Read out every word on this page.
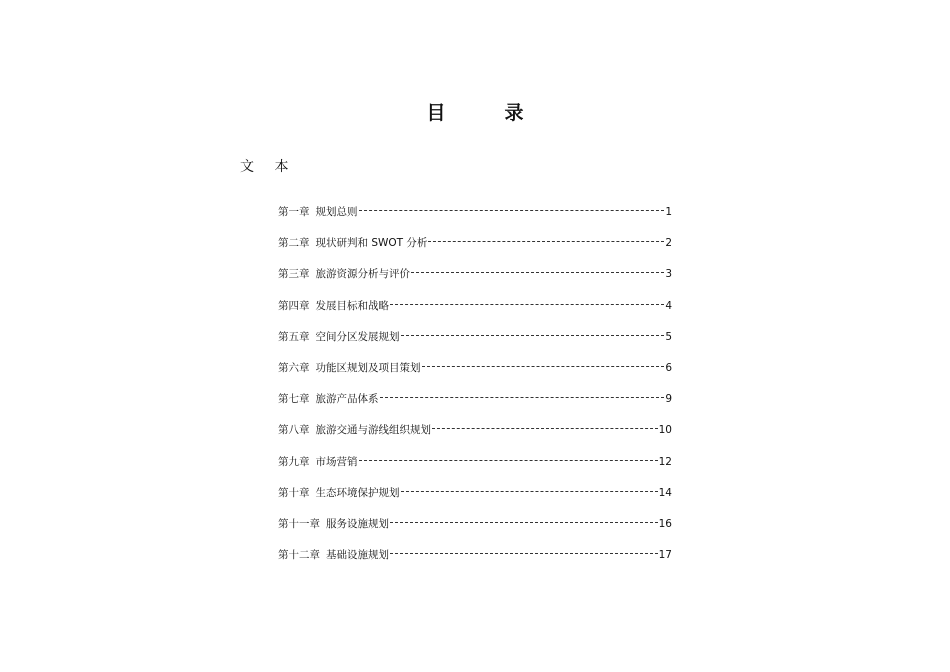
目　录
文 本
第一章 规划总则	1
第二章 现状研判和 SWOT 分析	2
第三章 旅游资源分析与评价	3
第四章 发展目标和战略	4
第五章 空间分区发展规划	5
第六章 功能区规划及项目策划	6
第七章 旅游产品体系	9
第八章 旅游交通与游线组织规划	10
第九章 市场营销	12
第十章 生态环境保护规划	14
第十一章 服务设施规划	16
第十二章 基础设施规划	17
